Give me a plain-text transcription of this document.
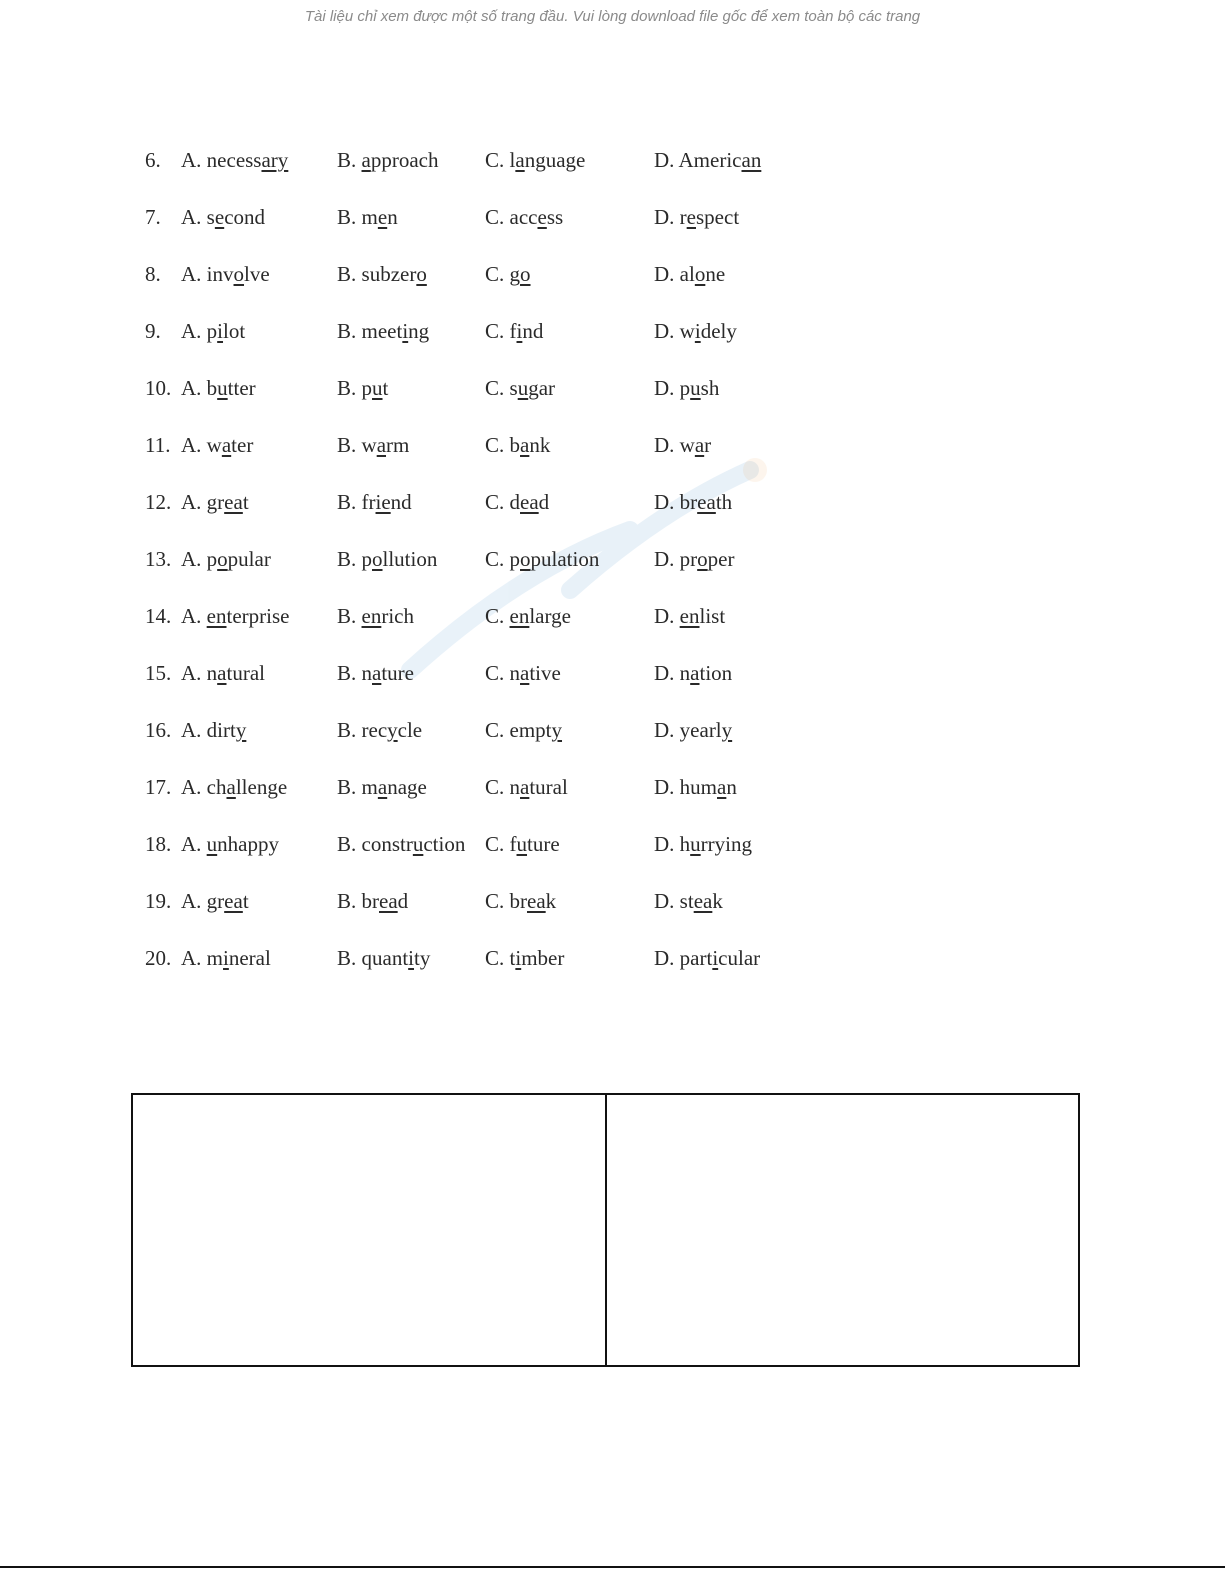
Tài liệu chỉ xem được một số trang đầu. Vui lòng download file gốc để xem toàn bộ các trang
6. A. necessary B. approach C. language	D. American
7. A. second	B. men	C. access	D. respect
8. A. involve	B. subzero	C. go	D. alone
9. A. pilot	B. meeting	C. find	D. widely
10. A. butter	B. put	C. sugar	D. push
11. A. water	B. warm	C. bank	D. war
12. A. great	B. friend	C. dead	D. breath
13. A. popular	B. pollution C. population	D. proper
14. A. enterprise B. enrich	C. enlarge	D. enlist
15. A. natural	B. nature	C. native	D. nation
16. A. dirty	B. recycle	C. empty	D. yearly
17. A. challenge B. manage	C. natural	D. human
18. A. unhappy	B. construction C. future	D. hurrying
19. A. great	B. bread	C. break	D. steak
20. A. mineral	B. quantity	C. timber	D. particular
